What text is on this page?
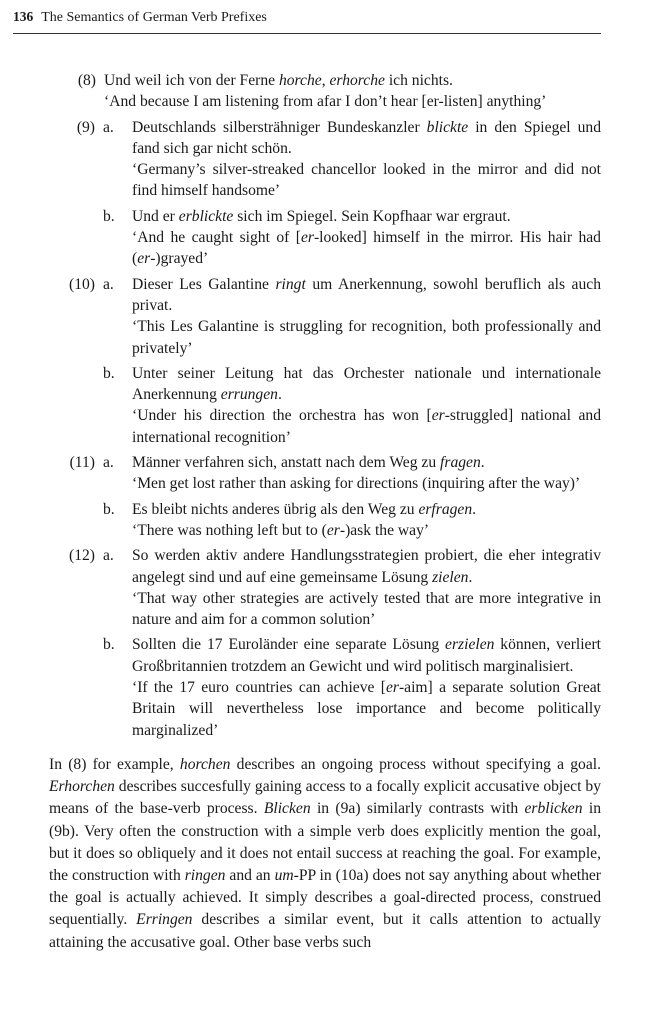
136 The Semantics of German Verb Prefixes
(8) Und weil ich von der Ferne horche, erhorche ich nichts.
‘And because I am listening from afar I don’t hear [er-listen] anything’
(9) a. Deutschlands silbersträhniger Bundeskanzler blickte in den Spiegel und fand sich gar nicht schön.
‘Germany’s silver-streaked chancellor looked in the mirror and did not find himself handsome’
b. Und er erblickte sich im Spiegel. Sein Kopfhaar war ergraut.
‘And he caught sight of [er-looked] himself in the mirror. His hair had (er-)grayed’
(10) a. Dieser Les Galantine ringt um Anerkennung, sowohl beruflich als auch privat.
‘This Les Galantine is struggling for recognition, both professionally and privately’
b. Unter seiner Leitung hat das Orchester nationale und internationale Anerkennung errungen.
‘Under his direction the orchestra has won [er-struggled] national and international recognition’
(11) a. Männer verfahren sich, anstatt nach dem Weg zu fragen.
‘Men get lost rather than asking for directions (inquiring after the way)’
b. Es bleibt nichts anderes übrig als den Weg zu erfragen.
‘There was nothing left but to (er-)ask the way’
(12) a. So werden aktiv andere Handlungsstrategien probiert, die eher integrativ angelegt sind und auf eine gemeinsame Lösung zielen.
‘That way other strategies are actively tested that are more integrative in nature and aim for a common solution’
b. Sollten die 17 Euroländer eine separate Lösung erzielen können, verliert Großbritannien trotzdem an Gewicht und wird politisch marginalisiert.
‘If the 17 euro countries can achieve [er-aim] a separate solution Great Britain will nevertheless lose importance and become politically marginalized’

In (8) for example, horchen describes an ongoing process without specifying a goal. Erhorchen describes succesfully gaining access to a focally explicit accusative object by means of the base-verb process. Blicken in (9a) similarly contrasts with erblicken in (9b). Very often the construction with a simple verb does explicitly mention the goal, but it does so obliquely and it does not entail success at reaching the goal. For example, the construction with ringen and an um-PP in (10a) does not say anything about whether the goal is actually achieved. It simply describes a goal-directed process, construed sequentially. Erringen describes a similar event, but it calls attention to actually attaining the accusative goal. Other base verbs such
